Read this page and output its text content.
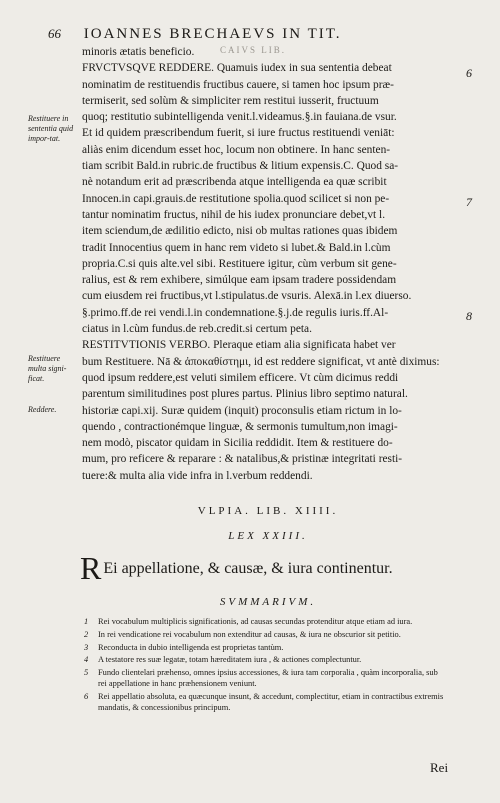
66 IOANNES BRECHAEVS IN TIT.
CAIVS LIB.
minoris ætatis beneficio.
FRVCTVSQVE REDDERE. Quamuis iudex in sua sententia debeat
nominatim de restituendis fructibus cauere, si tamen hoc ipsum præ-
termiserit, sed solùm & simpliciter rem restitui iusserit, fructuum
quoq; restitutio subintelligenda venit.l.videamus.§.in fauiana.de vsur.
Et id quidem præscribendum fuerit, si iure fructus restituendi veniāt:
aliàs enim dicendum esset hoc, locum non obtinere. In hanc senten-
tiam scribit Bald.in rubric.de fructibus & litium expensis.C. Quod sa-
nè notandum erit ad præscribenda atque intelligenda ea quæ scribit
Innocen.in capi.grauis.de restitutione spolia.quod scilicet si non pe-
tantur nominatim fructus, nihil de his iudex pronunciare debet,vt l.
item sciendum,de ædilitio edicto, nisi ob multas rationes quas ibidem
tradit Innocentius quem in hanc rem videto si lubet.& Bald.in l.cùm
propria.C.si quis alte.vel sibi. Restituere igitur, cùm verbum sit gene-
ralius, est & rem exhibere, simúlque eam ipsam tradere possidendam
cum eiusdem rei fructibus,vt l.stipulatus.de vsuris. Alexā.in l.ex diuerso.
§.primo.ff.de rei vendi.l.in condemnatione.§.j.de regulis iuris.ff.Al-
ciatus in l.cùm fundus.de reb.credit.si certum peta.
RESTITVTIONIS VERBO. Pleraque etiam alia significata habet ver
bum Restituere. Nā & ἀποκαθίστημι, id est reddere significat, vt antè diximus:
quod ipsum reddere,est veluti similem efficere. Vt cùm dicimus reddi
parentum similitudines post plures partus. Plinius libro septimo natural.
historiæ capi.xij. Suræ quidem (inquit) proconsulis etiam rictum in lo-
quendo , contractionémque linguæ, & sermonis tumultum,non imagi-
nem modò, piscator quidam in Sicilia reddidit. Item & restituere do-
mum, pro reficere & reparare : & natalibus,& pristinæ integritati resti-
tuere:& multa alia vide infra in l.verbum reddendi.
Restituere in sententia quid impor-tat.
Restituere multa signi-ficat.
Reddere.
6
7
8
VLPIA. LIB. XIIII.
LEX XXIII.
R Ei appellatione, & causæ, & iura continentur.
SVMMARIVM.
1	Rei vocabulum multiplicis significationis, ad causas secundas protenditur atque etiam ad iura.
2	In rei vendicatione rei vocabulum non extenditur ad causas, & iura ne obscurior sit petitio.
3	Reconducta in dubio intelligenda est proprietas tantùm.
4	A testatore res suæ legatæ, totam hæreditatem iura , & actiones complectuntur.
5	Fundo clientelari præhenso, omnes ipsius accessiones, & iura tam corporalia , quàm incorporalia, sub rei appellatione in hanc præhensionem veniunt.
6	Rei appellatio absoluta, ea quæcunque insunt, & accedunt, complectitur, etiam in contractibus extremis mandatis, & concessionibus principum.
Rei
